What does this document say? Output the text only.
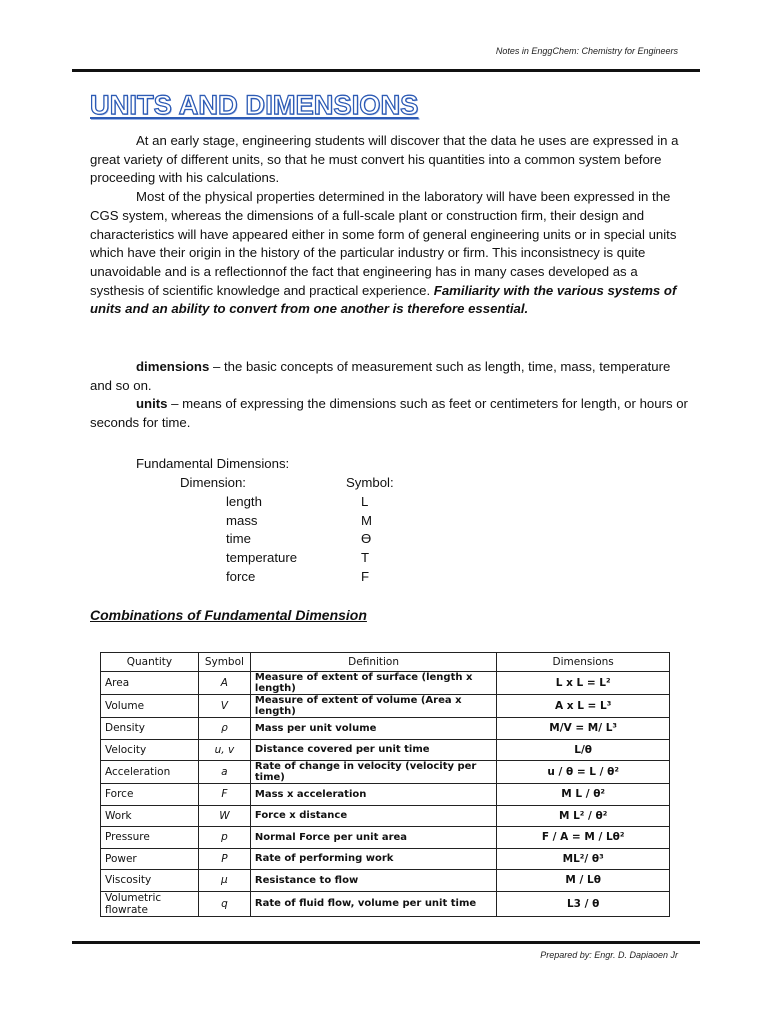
Notes in EnggChem: Chemistry for Engineers
UNITS AND DIMENSIONS

At an early stage, engineering students will discover that the data he uses are expressed in a great variety of different units, so that he must convert his quantities into a common system before proceeding with his calculations.

Most of the physical properties determined in the laboratory will have been expressed in the CGS system, whereas the dimensions of a full-scale plant or construction firm, their design and characteristics will have appeared either in some form of general engineering units or in special units which have their origin in the history of the particular industry or firm. This inconsistnecy is quite unavoidable and is a reflectionnof the fact that engineering has in many cases developed as a systhesis of scientific knowledge and practical experience. Familiarity with the various systems of units and an ability to convert from one another is therefore essential.

dimensions – the basic concepts of measurement such as length, time, mass, temperature and so on.

units – means of expressing the dimensions such as feet or centimeters for length, or hours or seconds for time.

Fundamental Dimensions:
Dimension:	Symbol:
length	L
mass	M
time	ϴ
temperature	T
force	F
Combinations of Fundamental Dimension
Quantity	Symbol	Definition	Dimensions
Area	A	Measure of extent of surface (length x length)	L x L = L²
Volume	V	Measure of extent of volume (Area x length)	A x L = L³
Density	ρ	Mass per unit volume	M/V = M/ L³
Velocity	u, v	Distance covered per unit time	L/θ
Acceleration	a	Rate of change in velocity (velocity per time)	u / θ = L / θ²
Force	F	Mass x acceleration	M L / θ²
Work	W	Force x distance	M L² / θ²
Pressure	p	Normal Force per unit area	F / A = M / Lθ²
Power	P	Rate of performing work	ML²/ θ³
Viscosity	μ	Resistance to flow	M / Lθ
Volumetric flowrate	q	Rate of fluid flow, volume per unit time	L3 / θ
Prepared by: Engr. D. Dapiaoen Jr
